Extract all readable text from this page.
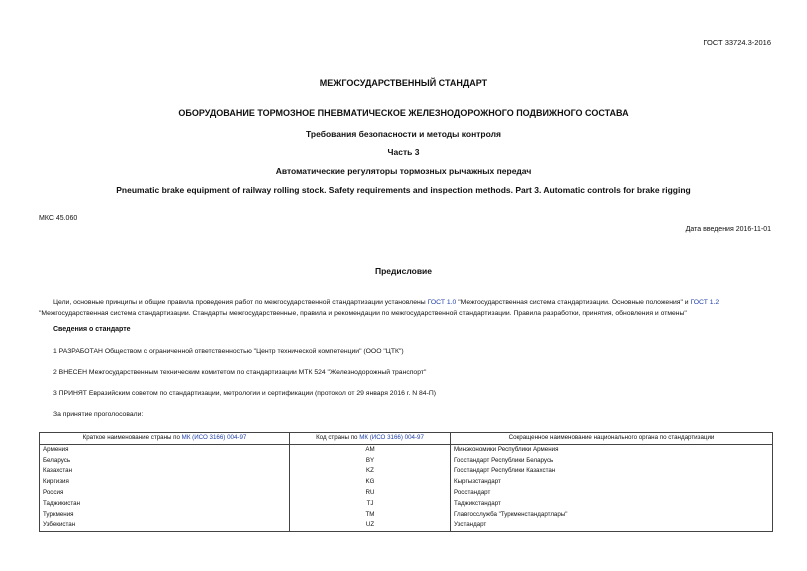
ГОСТ 33724.3-2016
МЕЖГОСУДАРСТВЕННЫЙ СТАНДАРТ
ОБОРУДОВАНИЕ ТОРМОЗНОЕ ПНЕВМАТИЧЕСКОЕ ЖЕЛЕЗНОДОРОЖНОГО ПОДВИЖНОГО СОСТАВА
Требования безопасности и методы контроля
Часть 3
Автоматические регуляторы тормозных рычажных передач
Pneumatic brake equipment of railway rolling stock. Safety requirements and inspection methods. Part 3. Automatic controls for brake rigging
МКС 45.060
Дата введения 2016-11-01
Предисловие
Цели, основные принципы и общие правила проведения работ по межгосударственной стандартизации установлены ГОСТ 1.0 "Межгосударственная система стандартизации. Основные положения" и ГОСТ 1.2 "Межгосударственная система стандартизации. Стандарты межгосударственные, правила и рекомендации по межгосударственной стандартизации. Правила разработки, принятия, обновления и отмены"
Сведения о стандарте
1 РАЗРАБОТАН Обществом с ограниченной ответственностью "Центр технической компетенции" (ООО "ЦТК")
2 ВНЕСЕН Межгосударственным техническим комитетом по стандартизации МТК 524 "Железнодорожный транспорт"
3 ПРИНЯТ Евразийским советом по стандартизации, метрологии и сертификации (протокол от 29 января 2016 г. N 84-П)
За принятие проголосовали:
Краткое наименование страны по МК (ИСО 3166) 004-97	Код страны по МК (ИСО 3166) 004-97	Сокращенное наименование национального органа по стандартизации
Армения	AM	Минэкономики Республики Армения
Беларусь	BY	Госстандарт Республики Беларусь
Казахстан	KZ	Госстандарт Республики Казахстан
Киргизия	KG	Кыргызстандарт
Россия	RU	Росстандарт
Таджикистан	TJ	Таджикстандарт
Туркмения	TM	Главгосслужба "Туркменстандартлары"
Узбекистан	UZ	Узстандарт
